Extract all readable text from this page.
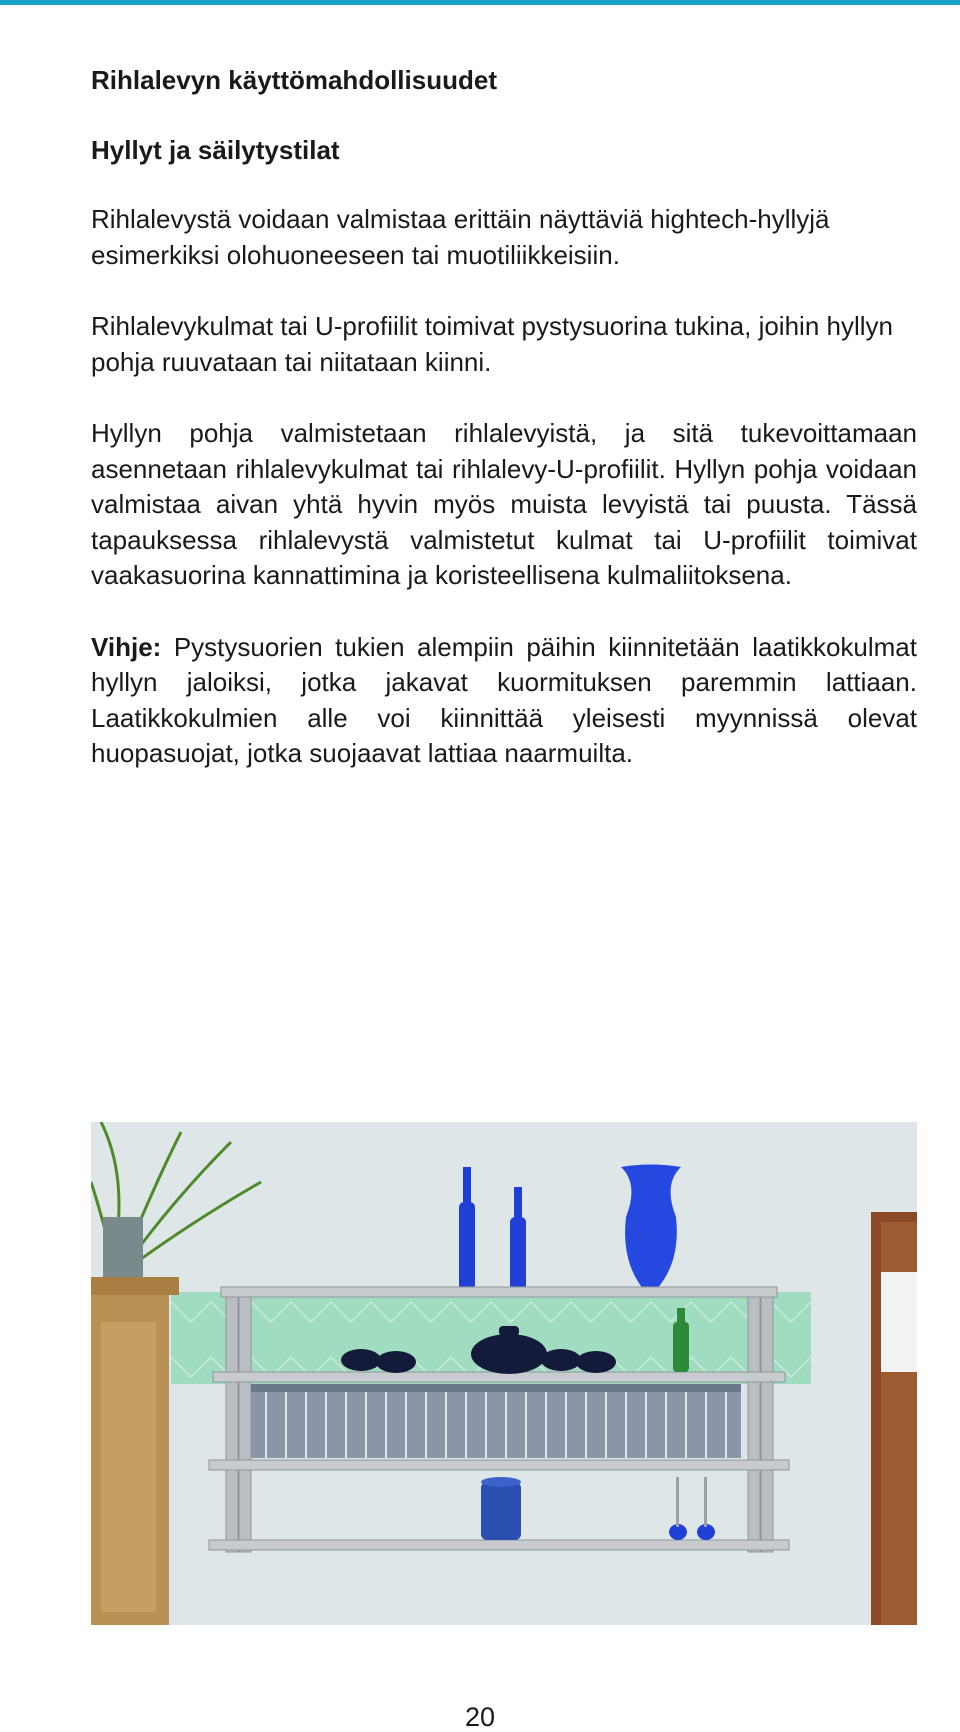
Rihlalevyn käyttömahdollisuudet
Hyllyt ja säilytystilat

Rihlalevystä voidaan valmistaa erittäin näyttäviä hightech-hyllyjä esimerkiksi olohuoneeseen tai muotiliikkeisiin.

Rihlalevykulmat tai U-profiilit toimivat pystysuorina tukina, joihin hyllyn pohja ruuvataan tai niitataan kiinni.

Hyllyn pohja valmistetaan rihlalevyistä, ja sitä tukevoittamaan asennetaan rihlalevykulmat tai rihlalevy-U-profiilit. Hyllyn pohja voidaan valmistaa aivan yhtä hyvin myös muista levyistä tai puusta. Tässä tapauksessa rihlalevystä valmistetut kulmat tai U-profiilit toimivat vaakasuorina kannattimina ja koristeellisena kulmaliitoksena.

Vihje: Pystysuorien tukien alempiin päihin kiinnitetään laatikkokulmat hyllyn jaloiksi, jotka jakavat kuormituksen paremmin lattiaan. Laatikkokulmien alle voi kiinnittää yleisesti myynnissä olevat huopasuojat, jotka suojaavat lattiaa naarmuilta.

20
